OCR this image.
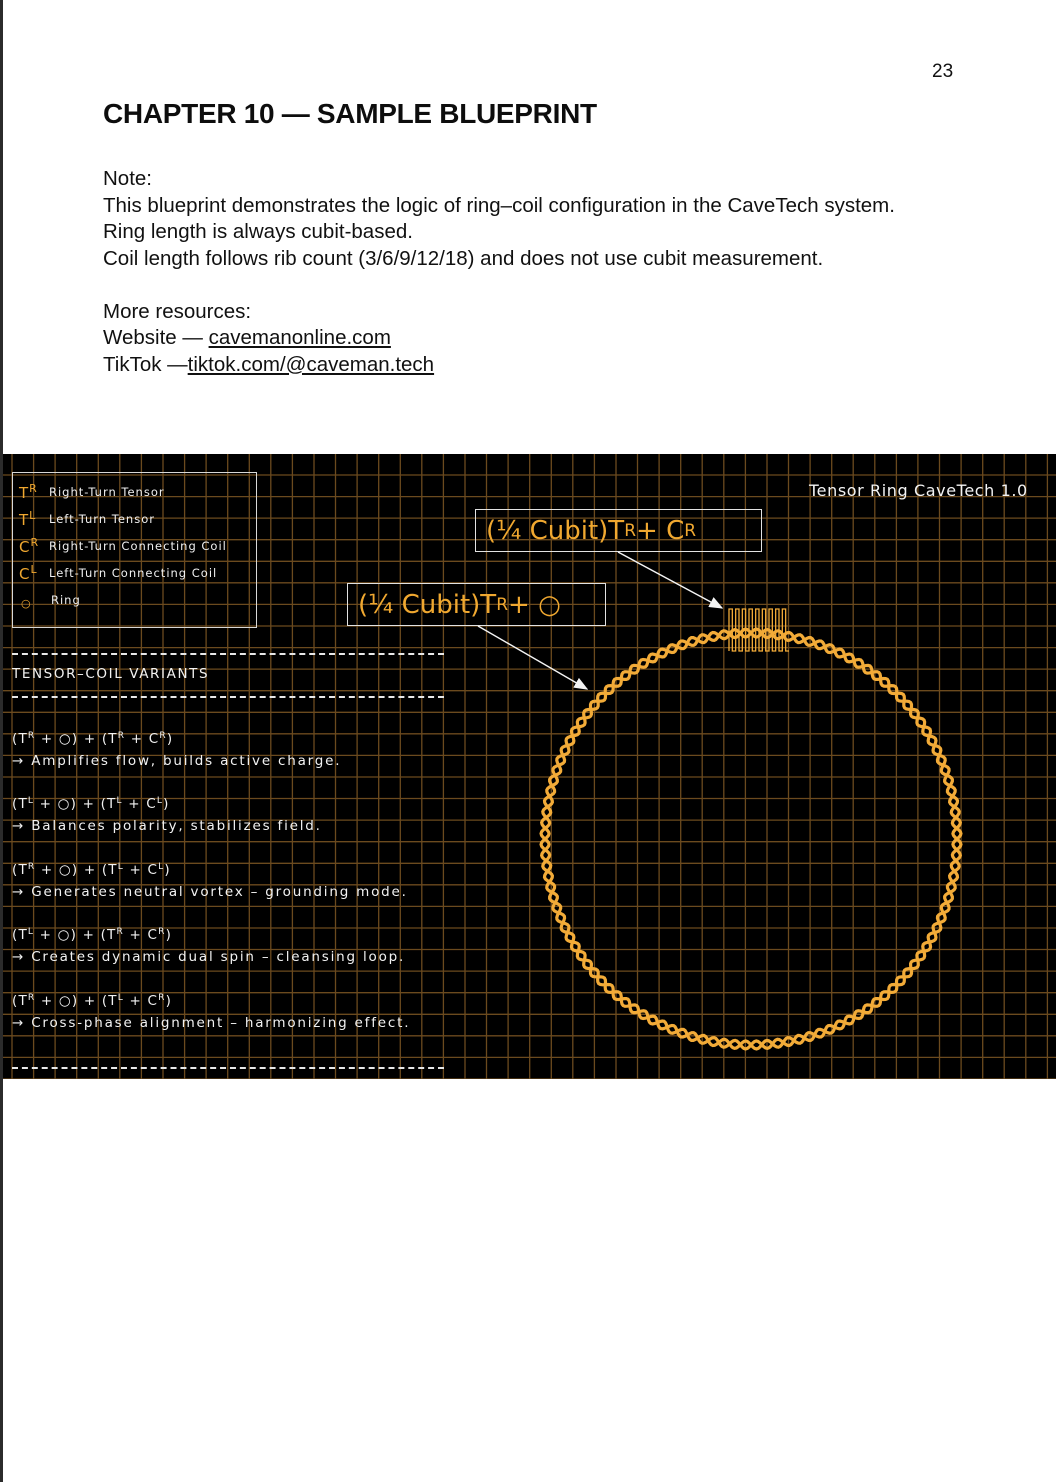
23
CHAPTER 10 — SAMPLE BLUEPRINT

Note:

This blueprint demonstrates the logic of ring–coil configuration in the CaveTech system.

Ring length is always cubit-based.

Coil length follows rib count (3/6/9/12/18) and does not use cubit measurement.

More resources:

Website — cavemanonline.com

TikTok —tiktok.com/@caveman.tech

$T^R$	Right-Turn Tensor
$T^L$	Left-Turn Tensor
$C^R$ Right-Turn Connecting Coil
$C^L$	Left-Turn Connecting Coil
○	Ring
TENSOR–COIL VARIANTS
($T^R$ + ○) + $(T^R + C^R)$
→ Amplifies flow, builds active charge.
($T^L$ + ○) + $(T^L + C^L)$
→ Balances polarity, stabilizes field.
($T^R$ + ○) + $(T^L + C^L)$
→ Generates neutral vortex – grounding mode.
($T^L$ + ○) + $(T^R + C^R)$
→ Creates dynamic dual spin – cleansing loop.
($T^R$ + ○) + $(T^L + C^R)$
→ Cross-phase alignment – harmonizing effect.
Tensor Ring CaveTech 1.0
(¼ Cubit)T R + C R
(¼ Cubit)T R + ○
